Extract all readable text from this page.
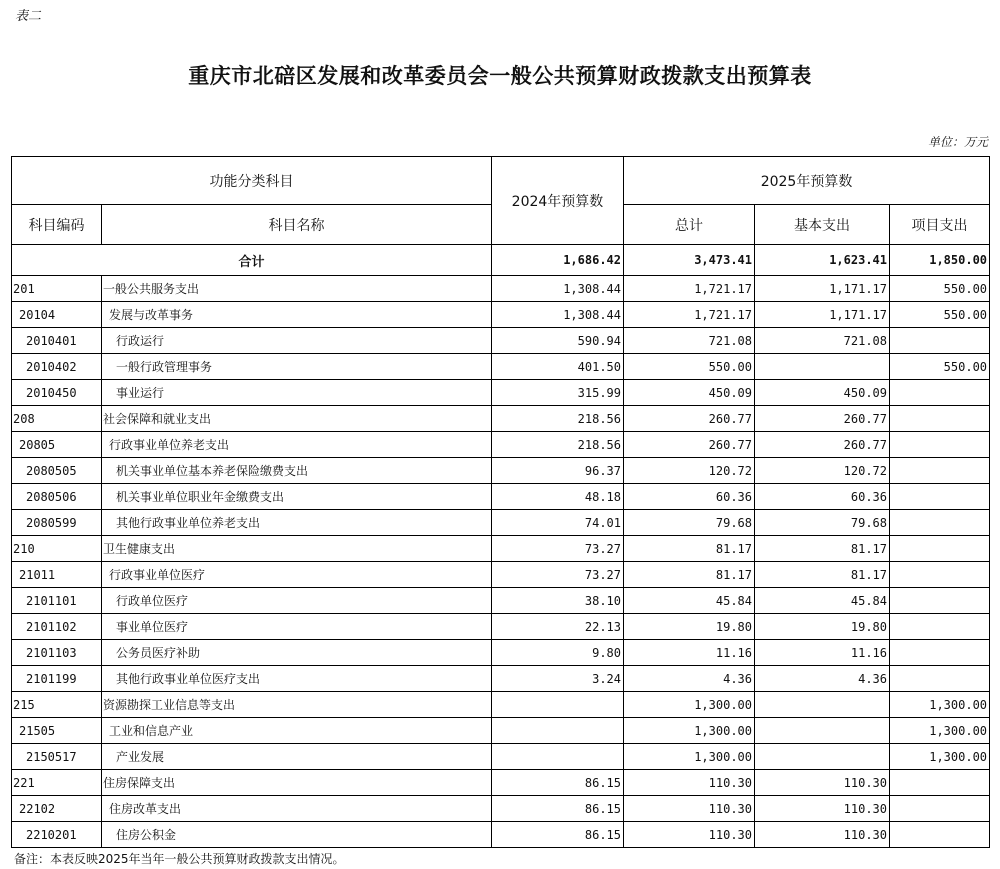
表二
重庆市北碚区发展和改革委员会一般公共预算财政拨款支出预算表
单位：万元
功能分类科目		2024年预算数	2025年预算数		
科目编码	科目名称		总计	基本支出	项目支出
合计		1,686.42	3,473.41	1,623.41	1,850.00
201	一般公共服务支出	1,308.44	1,721.17	1,171.17	550.00
20104	发展与改革事务	1,308.44	1,721.17	1,171.17	550.00
2010401	行政运行	590.94	721.08	721.08	
2010402	一般行政管理事务	401.50	550.00		550.00
2010450	事业运行	315.99	450.09	450.09	
208	社会保障和就业支出	218.56	260.77	260.77	
20805	行政事业单位养老支出	218.56	260.77	260.77	
2080505	机关事业单位基本养老保险缴费支出	96.37	120.72	120.72	
2080506	机关事业单位职业年金缴费支出	48.18	60.36	60.36	
2080599	其他行政事业单位养老支出	74.01	79.68	79.68	
210	卫生健康支出	73.27	81.17	81.17	
21011	行政事业单位医疗	73.27	81.17	81.17	
2101101	行政单位医疗	38.10	45.84	45.84	
2101102	事业单位医疗	22.13	19.80	19.80	
2101103	公务员医疗补助	9.80	11.16	11.16	
2101199	其他行政事业单位医疗支出	3.24	4.36	4.36	
215	资源勘探工业信息等支出		1,300.00		1,300.00
21505	工业和信息产业		1,300.00		1,300.00
2150517	产业发展		1,300.00		1,300.00
221	住房保障支出	86.15	110.30	110.30	
22102	住房改革支出	86.15	110.30	110.30	
2210201	住房公积金	86.15	110.30	110.30	
备注：本表反映2025年当年一般公共预算财政拨款支出情况。
